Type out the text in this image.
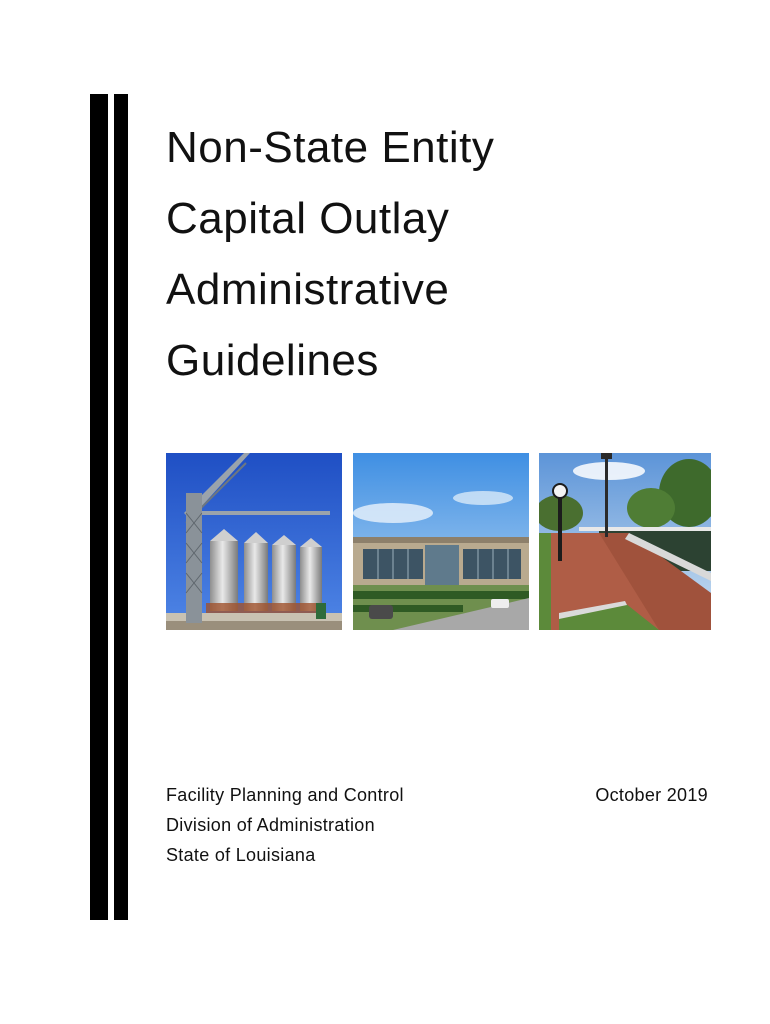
Non-State Entity
Capital Outlay
Administrative
Guidelines
Facility Planning and Control
Division of Administration
State of Louisiana
October 2019
